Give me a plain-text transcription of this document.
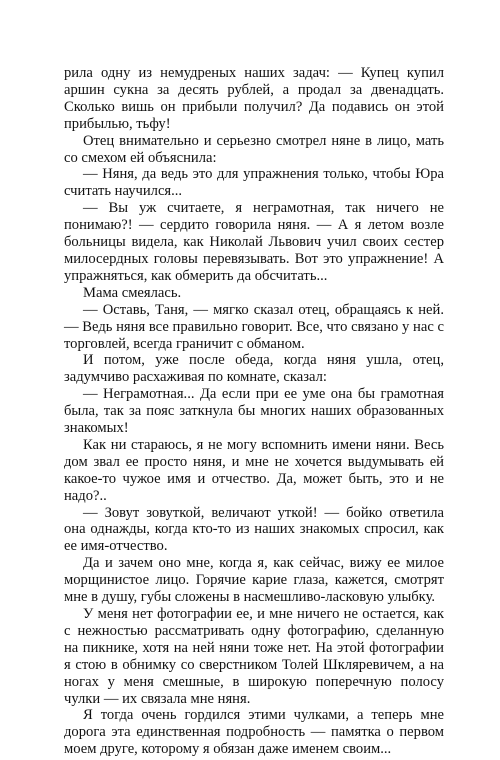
рила одну из немудреных наших задач: — Купец купил аршин сукна за десять рублей, а продал за двенадцать. Сколько вишь он прибыли получил? Да подавись он этой прибылью, тьфу!

Отец внимательно и серьезно смотрел няне в лицо, мать со смехом ей объяснила:

— Няня, да ведь это для упражнения только, чтобы Юра считать научился...

— Вы уж считаете, я неграмотная, так ничего не понимаю?! — сердито говорила няня. — А я летом возле больницы видела, как Николай Львович учил своих сестер милосердных головы перевязывать. Вот это упражнение! А упражняться, как обмерить да обсчитать...

Мама смеялась.

— Оставь, Таня, — мягко сказал отец, обращаясь к ней. — Ведь няня все правильно говорит. Все, что связано у нас с торговлей, всегда граничит с обманом.

И потом, уже после обеда, когда няня ушла, отец, задумчиво расхаживая по комнате, сказал:

— Неграмотная... Да если при ее уме она бы грамотная была, так за пояс заткнула бы многих наших образованных знакомых!

Как ни стараюсь, я не могу вспомнить имени няни. Весь дом звал ее просто няня, и мне не хочется выдумывать ей какое-то чужое имя и отчество. Да, может быть, это и не надо?..

— Зовут зовуткой, величают уткой! — бойко ответила она однажды, когда кто-то из наших знакомых спросил, как ее имя-отчество.

Да и зачем оно мне, когда я, как сейчас, вижу ее милое морщинистое лицо. Горячие карие глаза, кажется, смотрят мне в душу, губы сложены в насмешливо-ласковую улыбку.

У меня нет фотографии ее, и мне ничего не остается, как с нежностью рассматривать одну фотографию, сделанную на пикнике, хотя на ней няни тоже нет. На этой фотографии я стою в обнимку со сверстником Толей Шкляревичем, а на ногах у меня смешные, в широкую поперечную полосу чулки — их связала мне няня.

Я тогда очень гордился этими чулками, а теперь мне дорога эта единственная подробность — памятка о первом моем друге, которому я обязан даже именем своим...
